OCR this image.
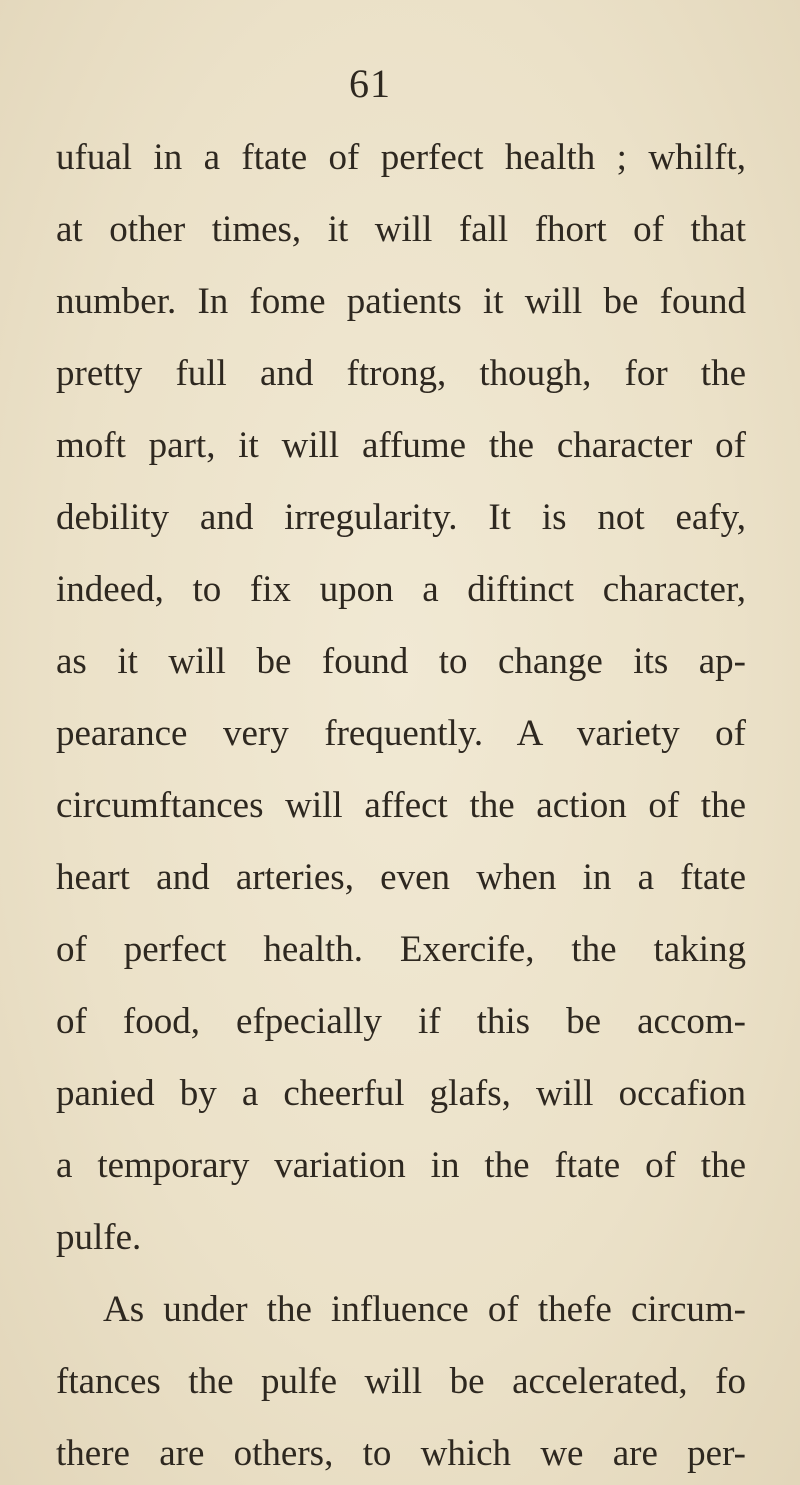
61
ufual in a ftate of perfect health ; whilft,
at other times, it will fall fhort of that
number. In fome patients it will be found
pretty full and ftrong, though, for the
moft part, it will affume the character of
debility and irregularity. It is not eafy,
indeed, to fix upon a diftinct character,
as it will be found to change its ap-
pearance very frequently. A variety of
circumftances will affect the action of the
heart and arteries, even when in a ftate
of perfect health. Exercife, the taking
of food, efpecially if this be accom-
panied by a cheerful glafs, will occafion
a temporary variation in the ftate of the
pulfe.
As under the influence of thefe circum-
ftances the pulfe will be accelerated, fo
there are others, to which we are per-
